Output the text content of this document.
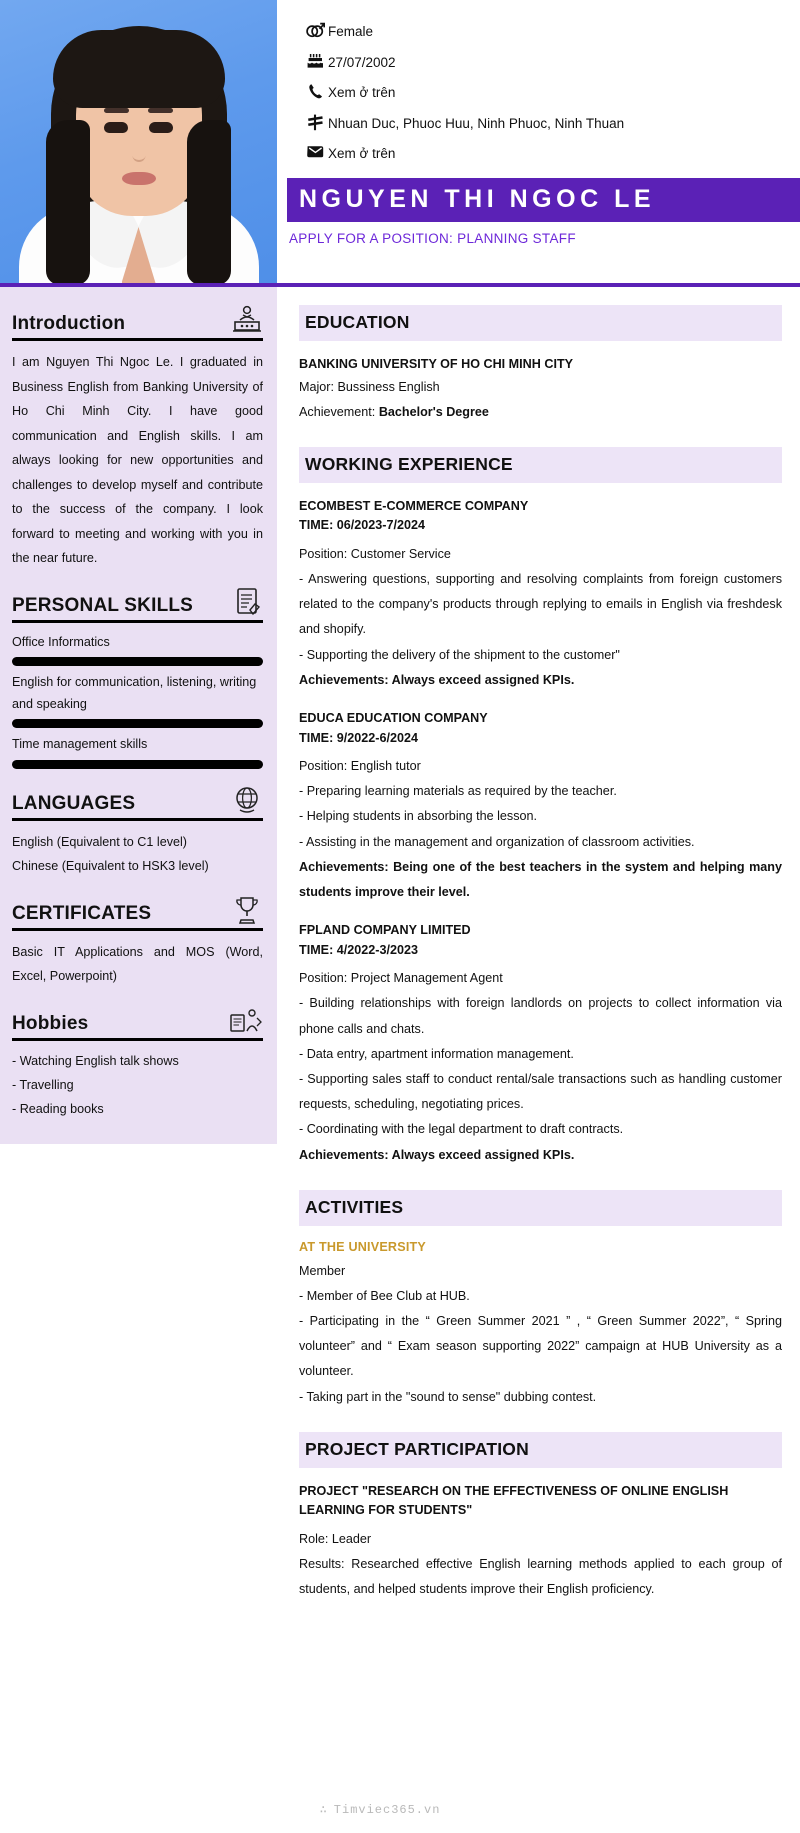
Female
27/07/2002
Xem ở trên
Nhuan Duc, Phuoc Huu, Ninh Phuoc, Ninh Thuan
Xem ở trên
NGUYEN THI NGOC LE
APPLY FOR A POSITION: PLANNING STAFF
Introduction
I am Nguyen Thi Ngoc Le. I graduated in Business English from Banking University of Ho Chi Minh City. I have good communication and English skills. I am always looking for new opportunities and challenges to develop myself and contribute to the success of the company. I look forward to meeting and working with you in the near future.
PERSONAL SKILLS
Office Informatics
English for communication, listening, writing and speaking
Time management skills
LANGUAGES
English (Equivalent to C1 level)
Chinese (Equivalent to HSK3 level)
CERTIFICATES
Basic IT Applications and MOS (Word, Excel, Powerpoint)
Hobbies
- Watching English talk shows
- Travelling
- Reading books
EDUCATION
BANKING UNIVERSITY OF HO CHI MINH CITY
Major: Bussiness English
Achievement: Bachelor's Degree
WORKING EXPERIENCE
ECOMBEST E-COMMERCE COMPANY
TIME: 06/2023-7/2024
Position: Customer Service
- Answering questions, supporting and resolving complaints from foreign customers related to the company's products through replying to emails in English via freshdesk and shopify.
- Supporting the delivery of the shipment to the customer"
Achievements: Always exceed assigned KPIs.
EDUCA EDUCATION COMPANY
TIME: 9/2022-6/2024
Position: English tutor
- Preparing learning materials as required by the teacher.
- Helping students in absorbing the lesson.
- Assisting in the management and organization of classroom activities.
Achievements: Being one of the best teachers in the system and helping many students improve their level.
FPLAND COMPANY LIMITED
TIME: 4/2022-3/2023
Position: Project Management Agent
- Building relationships with foreign landlords on projects to collect information via phone calls and chats.
- Data entry, apartment information management.
- Supporting sales staff to conduct rental/sale transactions such as handling customer requests, scheduling, negotiating prices.
- Coordinating with the legal department to draft contracts.
Achievements: Always exceed assigned KPIs.
ACTIVITIES
AT THE UNIVERSITY
Member
- Member of Bee Club at HUB.
- Participating in the “ Green Summer 2021 ” , “ Green Summer 2022”, “ Spring volunteer” and “ Exam season supporting 2022” campaign at HUB University as a volunteer.
- Taking part in the "sound to sense" dubbing contest.
PROJECT PARTICIPATION
PROJECT "RESEARCH ON THE EFFECTIVENESS OF ONLINE ENGLISH LEARNING FOR STUDENTS"
Role: Leader
Results: Researched effective English learning methods applied to each group of students, and helped students improve their English proficiency.
∴ Timviec365.vn
